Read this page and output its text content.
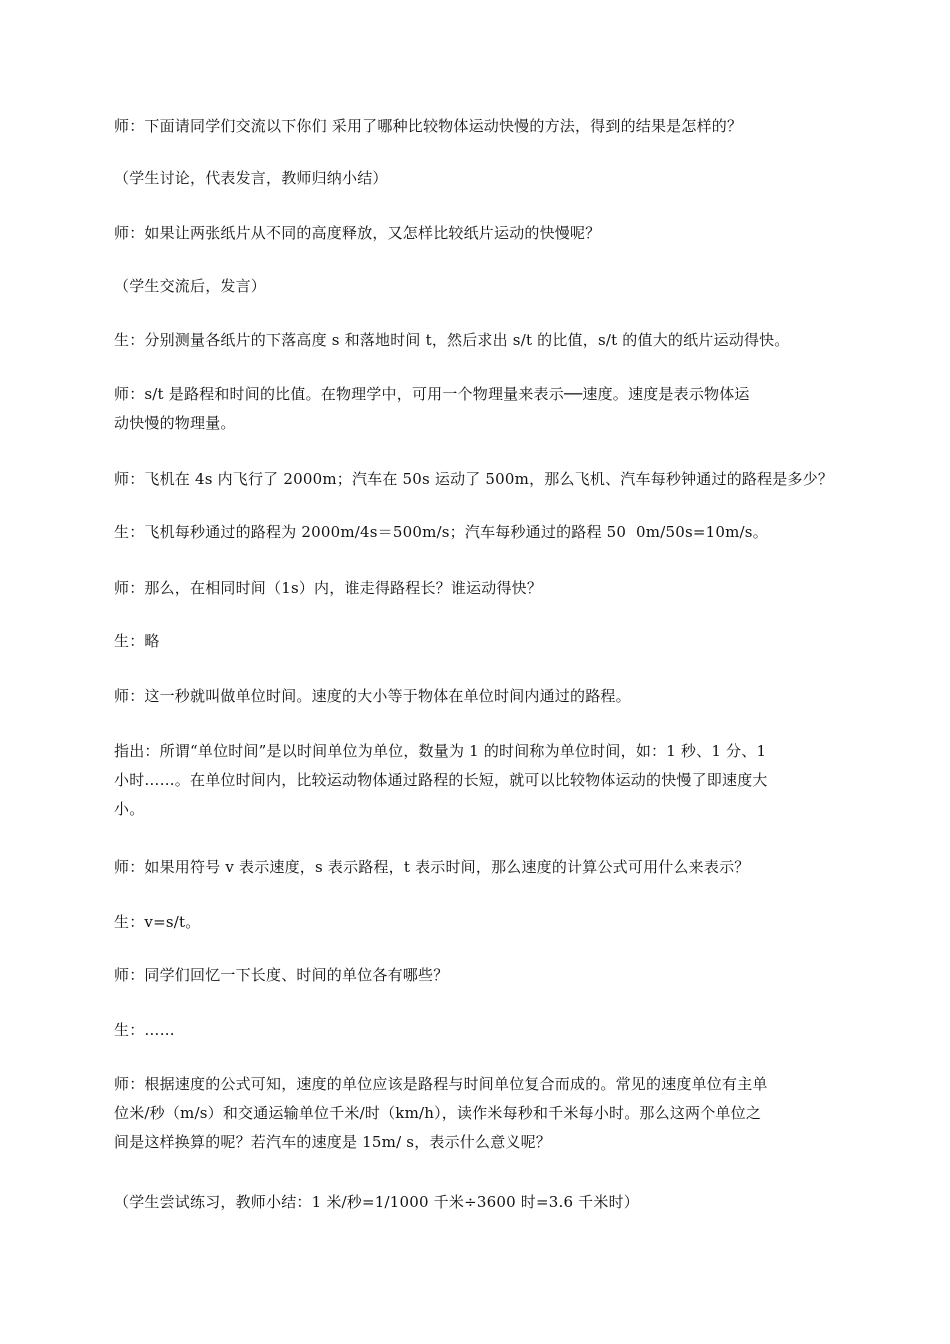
师：下面请同学们交流以下你们 采用了哪种比较物体运动快慢的方法，得到的结果是怎样的？
（学生讨论，代表发言，教师归纳小结）
师：如果让两张纸片从不同的高度释放，又怎样比较纸片运动的快慢呢？
（学生交流后，发言）
生：分别测量各纸片的下落高度 s 和落地时间 t，然后求出 s/t 的比值，s/t 的值大的纸片运动得快。
师：s/t 是路程和时间的比值。在物理学中，可用一个物理量来表示──速度。速度是表示物体运
动快慢的物理量。
师：飞机在 4s 内飞行了 2000m；汽车在 50s 运动了 500m，那么飞机、汽车每秒钟通过的路程是多少？
生：飞机每秒通过的路程为 2000m/4s＝500m/s；汽车每秒通过的路程 50  0m/50s=10m/s。
师：那么，在相同时间（1s）内，谁走得路程长？谁运动得快？
生：略
师：这一秒就叫做单位时间。速度的大小等于物体在单位时间内通过的路程。
指出：所谓“单位时间”是以时间单位为单位，数量为 1 的时间称为单位时间，如：1 秒、1 分、1
小时……。在单位时间内，比较运动物体通过路程的长短，就可以比较物体运动的快慢了即速度大
小。
师：如果用符号 v 表示速度，s 表示路程，t 表示时间，那么速度的计算公式可用什么来表示？
生：v=s/t。
师：同学们回忆一下长度、时间的单位各有哪些？
生：……
师：根据速度的公式可知，速度的单位应该是路程与时间单位复合而成的。常见的速度单位有主单
位米/秒（m/s）和交通运输单位千米/时（km/h），读作米每秒和千米每小时。那么这两个单位之
间是这样换算的呢？若汽车的速度是 15m/ s，表示什么意义呢？
（学生尝试练习，教师小结：1 米/秒=1/1000 千米÷3600 时=3.6 千米时）
